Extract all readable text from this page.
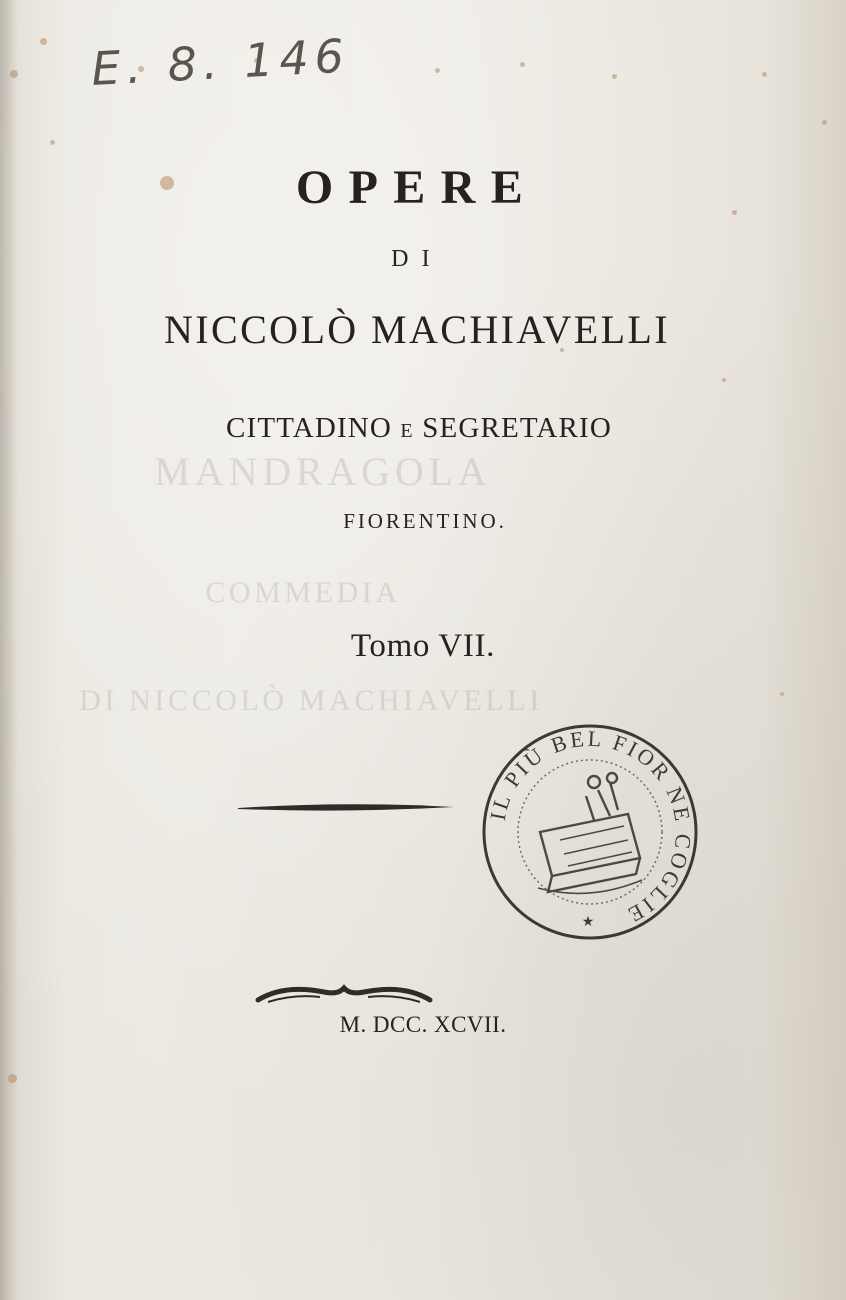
MANDRAGOLA
COMMEDIA
DI NICCOLÒ MACHIAVELLI
E. 8. 146
OPERE
DI
NICCOLÒ MACHIAVELLI
CITTADINO E SEGRETARIO
FIORENTINO.
Tomo VII.
IL PIÙ BEL FIOR NE COGLIE
★
M. DCC. XCVII.
